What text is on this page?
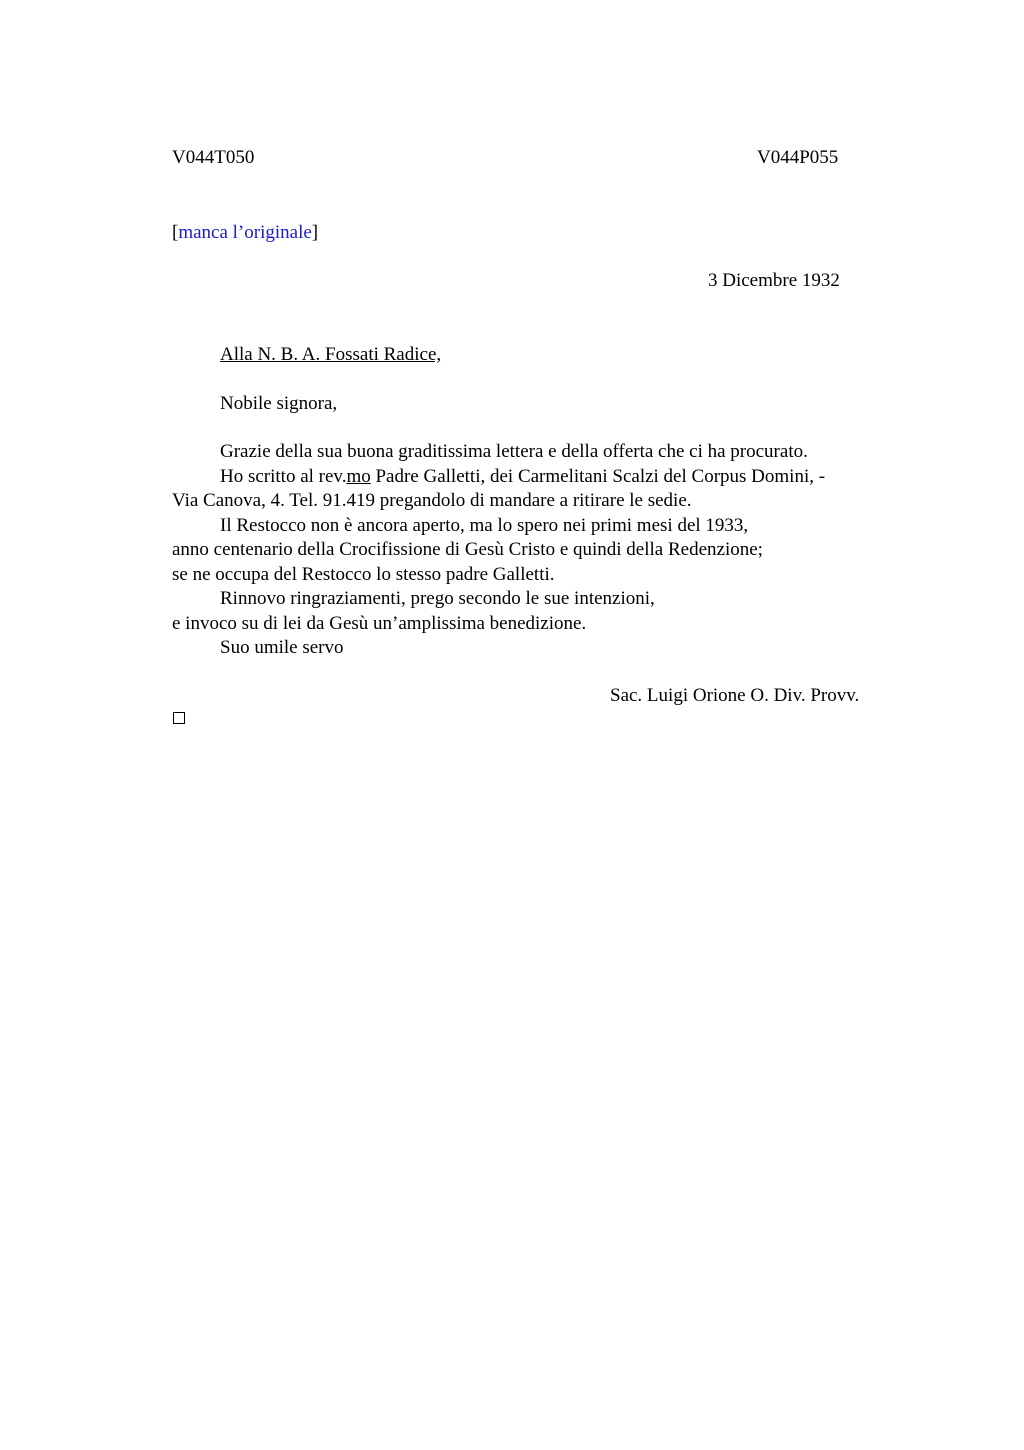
V044T050	V044P055
[manca l’originale]
3 Dicembre 1932
Alla N. B. A. Fossati Radice,
Nobile signora,
Grazie della sua buona graditissima lettera e della offerta che ci ha procurato.
Ho scritto al rev.mo Padre Galletti, dei Carmelitani Scalzi del Corpus Domini, -
Via Canova, 4. Tel. 91.419 pregandolo di mandare a ritirare le sedie.
Il Restocco non è ancora aperto, ma lo spero nei primi mesi del 1933,
anno centenario della Crocifissione di Gesù Cristo e quindi della Redenzione;
se ne occupa del Restocco lo stesso padre Galletti.
Rinnovo ringraziamenti, prego secondo le sue intenzioni,
e invoco su di lei da Gesù un’amplissima benedizione.
Suo umile servo
Sac. Luigi Orione O. Div. Provv.
